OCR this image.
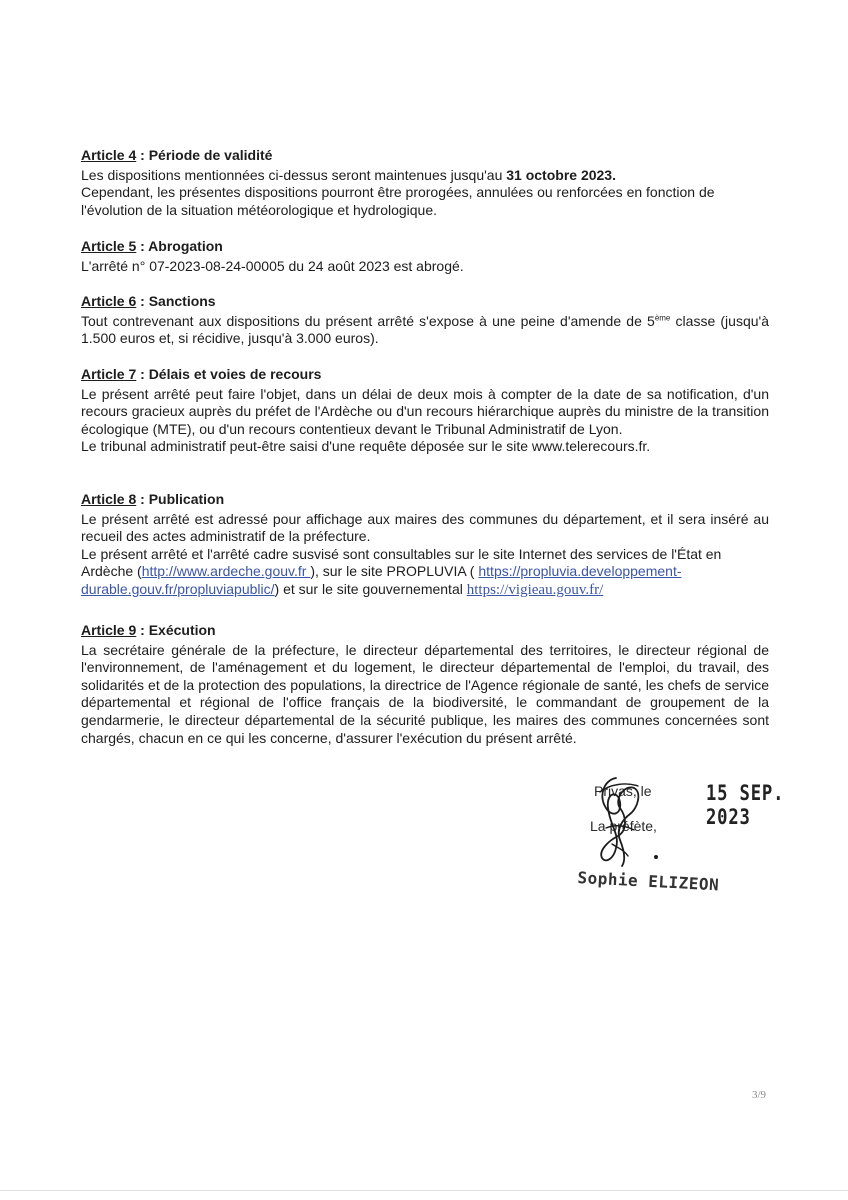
Article 4 : Période de validité

Les dispositions mentionnées ci-dessus seront maintenues jusqu'au 31 octobre 2023.

Cependant, les présentes dispositions pourront être prorogées, annulées ou renforcées en fonction de l'évolution de la situation météorologique et hydrologique.

Article 5 : Abrogation

L'arrêté n° 07-2023-08-24-00005 du 24 août 2023 est abrogé.

Article 6 : Sanctions

Tout contrevenant aux dispositions du présent arrêté s'expose à une peine d'amende de 5ème classe (jusqu'à 1.500 euros et, si récidive, jusqu'à 3.000 euros).

Article 7 : Délais et voies de recours

Le présent arrêté peut faire l'objet, dans un délai de deux mois à compter de la date de sa notification, d'un recours gracieux auprès du préfet de l'Ardèche ou d'un recours hiérarchique auprès du ministre de la transition écologique (MTE), ou d'un recours contentieux devant le Tribunal Administratif de Lyon.

Le tribunal administratif peut-être saisi d'une requête déposée sur le site www.telerecours.fr.

Article 8 : Publication

Le présent arrêté est adressé pour affichage aux maires des communes du département, et il sera inséré au recueil des actes administratif de la préfecture.

Le présent arrêté et l'arrêté cadre susvisé sont consultables sur le site Internet des services de l'État en Ardèche (http://www.ardeche.gouv.fr ), sur le site PROPLUVIA ( https://propluvia.developpement-durable.gouv.fr/propluviapublic/) et sur le site gouvernemental https://vigieau.gouv.fr/

Article 9 : Exécution

La secrétaire générale de la préfecture, le directeur départemental des territoires, le directeur régional de l'environnement, de l'aménagement et du logement, le directeur départemental de l'emploi, du travail, des solidarités et de la protection des populations, la directrice de l'Agence régionale de santé, les chefs de service départemental et régional de l'office français de la biodiversité, le commandant de groupement de la gendarmerie, le directeur départemental de la sécurité publique, les maires des communes concernées sont chargés, chacun en ce qui les concerne, d'assurer l'exécution du présent arrêté.

Privas, le
La préfète,
15 SEP. 2023
Sophie ELIZEON
3/9
